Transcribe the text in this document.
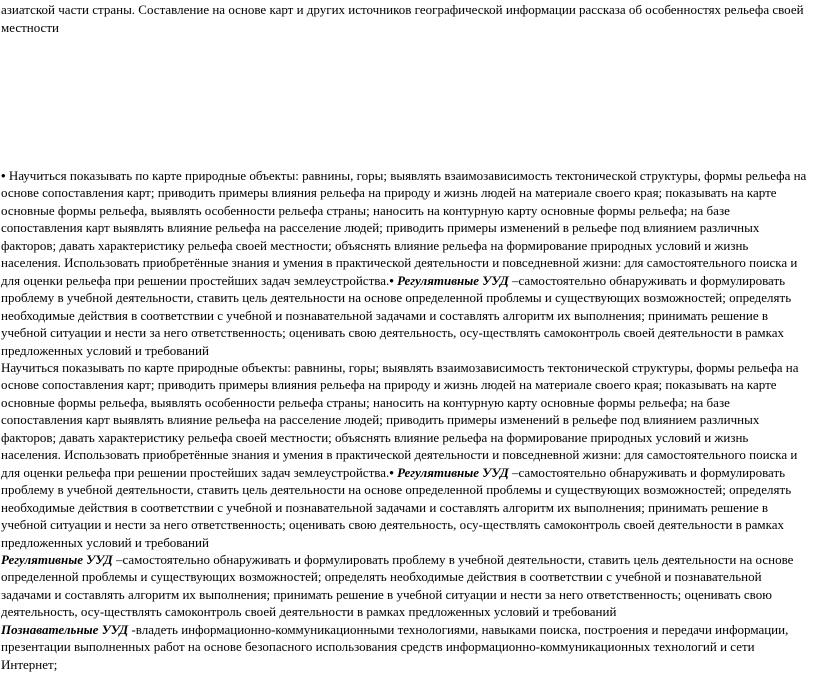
азиатской части страны. Составление на основе карт и других источников географической информации рассказа об особенностях рельефа своей местности

• Научиться показывать по карте природные объекты: равнины, горы; выявлять взаимозависимость тектонической структуры, формы рельефа на основе сопоставления карт; приводить примеры влияния рельефа на природу и жизнь людей на материале своего края; показывать на карте основные формы рельефа, выявлять особенности рельефа страны; наносить на контурную карту основные формы рельефа; на базе сопоставления карт выявлять влияние рельефа на расселение людей; приводить примеры изменений в рельефе под влиянием различных факторов; давать характеристику рельефа своей местности; объяснять влияние рельефа на формирование природных условий и жизнь населения. Использовать приобретённые знания и умения в практической деятельности и повседневной жизни: для самостоятельного поиска и для оценки рельефа при решении простейших задач землеустройства.• Регулятивные УУД –самостоятельно обнаруживать и формулировать проблему в учебной деятельности, ставить цель деятельности на основе определенной проблемы и существующих возможностей; определять необходимые действия в соответствии с учебной и познавательной задачами и составлять алгоритм их выполнения; принимать решение в учебной ситуации и нести за него ответственность; оценивать свою деятельность, осу-ществлять самоконтроль своей деятельности в рамках предложенных условий и требований

Научиться показывать по карте природные объекты: равнины, горы; выявлять взаимозависимость тектонической структуры, формы рельефа на основе сопоставления карт; приводить примеры влияния рельефа на природу и жизнь людей на материале своего края; показывать на карте основные формы рельефа, выявлять особенности рельефа страны; наносить на контурную карту основные формы рельефа; на базе сопоставления карт выявлять влияние рельефа на расселение людей; приводить примеры изменений в рельефе под влиянием различных факторов; давать характеристику рельефа своей местности; объяснять влияние рельефа на формирование природных условий и жизнь населения. Использовать приобретённые знания и умения в практической деятельности и повседневной жизни: для самостоятельного поиска и для оценки рельефа при решении простейших задач землеустройства.• Регулятивные УУД –самостоятельно обнаруживать и формулировать проблему в учебной деятельности, ставить цель деятельности на основе определенной проблемы и существующих возможностей; определять необходимые действия в соответствии с учебной и познавательной задачами и составлять алгоритм их выполнения; принимать решение в учебной ситуации и нести за него ответственность; оценивать свою деятельность, осу-ществлять самоконтроль своей деятельности в рамках предложенных условий и требований

Регулятивные УУД –самостоятельно обнаруживать и формулировать проблему в учебной деятельности, ставить цель деятельности на основе определенной проблемы и существующих возможностей; определять необходимые действия в соответствии с учебной и познавательной задачами и составлять алгоритм их выполнения; принимать решение в учебной ситуации и нести за него ответственность; оценивать свою деятельность, осу-ществлять самоконтроль своей деятельности в рамках предложенных условий и требований

Познавательные УУД -владеть информационно-коммуникационными технологиями, навыками поиска, построения и передачи информации, презентации выполненных работ на основе безопасного использования средств информационно-коммуникационных технологий и сети Интернет;
